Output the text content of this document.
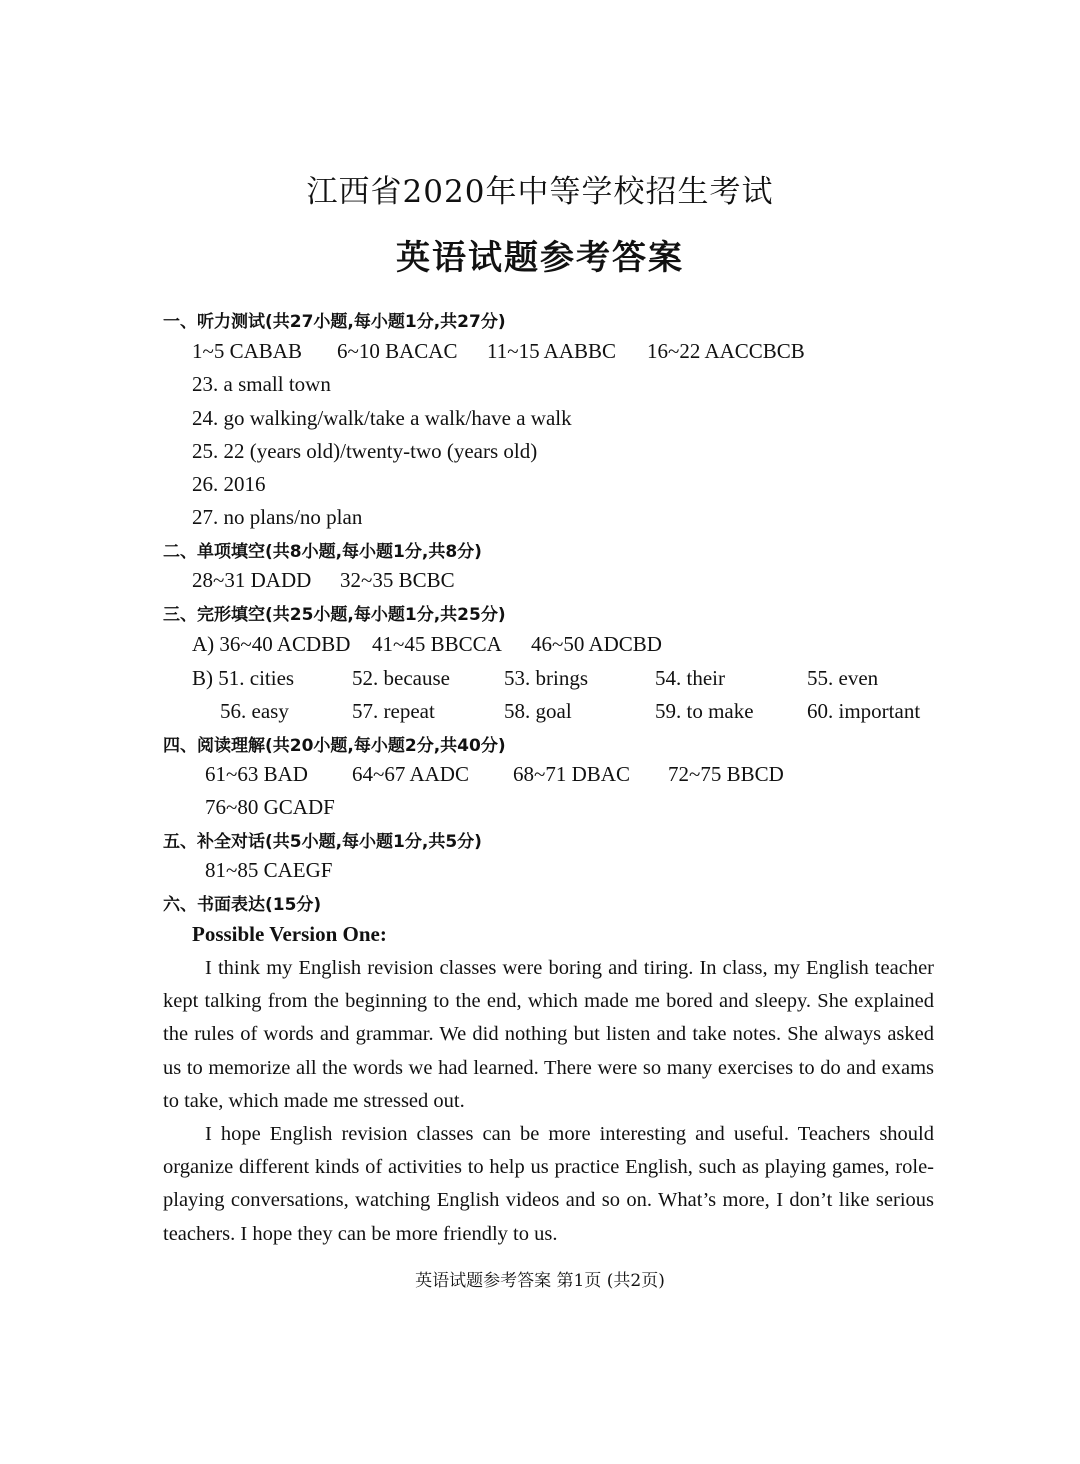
江西省2020年中等学校招生考试
英语试题参考答案
一、听力测试(共27小题,每小题1分,共27分)
1~5 CABAB 6~10 BACAC 11~15 AABBC 16~22 AACCBCB
23. a small town
24. go walking/walk/take a walk/have a walk
25. 22 (years old)/twenty-two (years old)
26. 2016
27. no plans/no plan
二、单项填空(共8小题,每小题1分,共8分)
28~31 DADD 32~35 BCBC
三、完形填空(共25小题,每小题1分,共25分)
A) 36~40 ACDBD 41~45 BBCCA 46~50 ADCBD
B) 51. cities	52. because	53. brings	54. their	55. even
56. easy	57. repeat	58. goal	59. to make	60. important
四、阅读理解(共20小题,每小题2分,共40分)
61~63 BAD 64~67 AADC 68~71 DBAC 72~75 BBCD
76~80 GCADF
五、补全对话(共5小题,每小题1分,共5分)
81~85 CAEGF
六、书面表达(15分)
Possible Version One:

I think my English revision classes were boring and tiring. In class, my English teacher kept talking from the beginning to the end, which made me bored and sleepy. She explained the rules of words and grammar. We did nothing but listen and take notes. She always asked us to memorize all the words we had learned. There were so many exercises to do and exams to take, which made me stressed out.

I hope English revision classes can be more interesting and useful. Teachers should organize different kinds of activities to help us practice English, such as playing games, role-playing conversations, watching English videos and so on. What’s more, I don’t like serious teachers. I hope they can be more friendly to us.

英语试题参考答案 第1页 (共2页)
